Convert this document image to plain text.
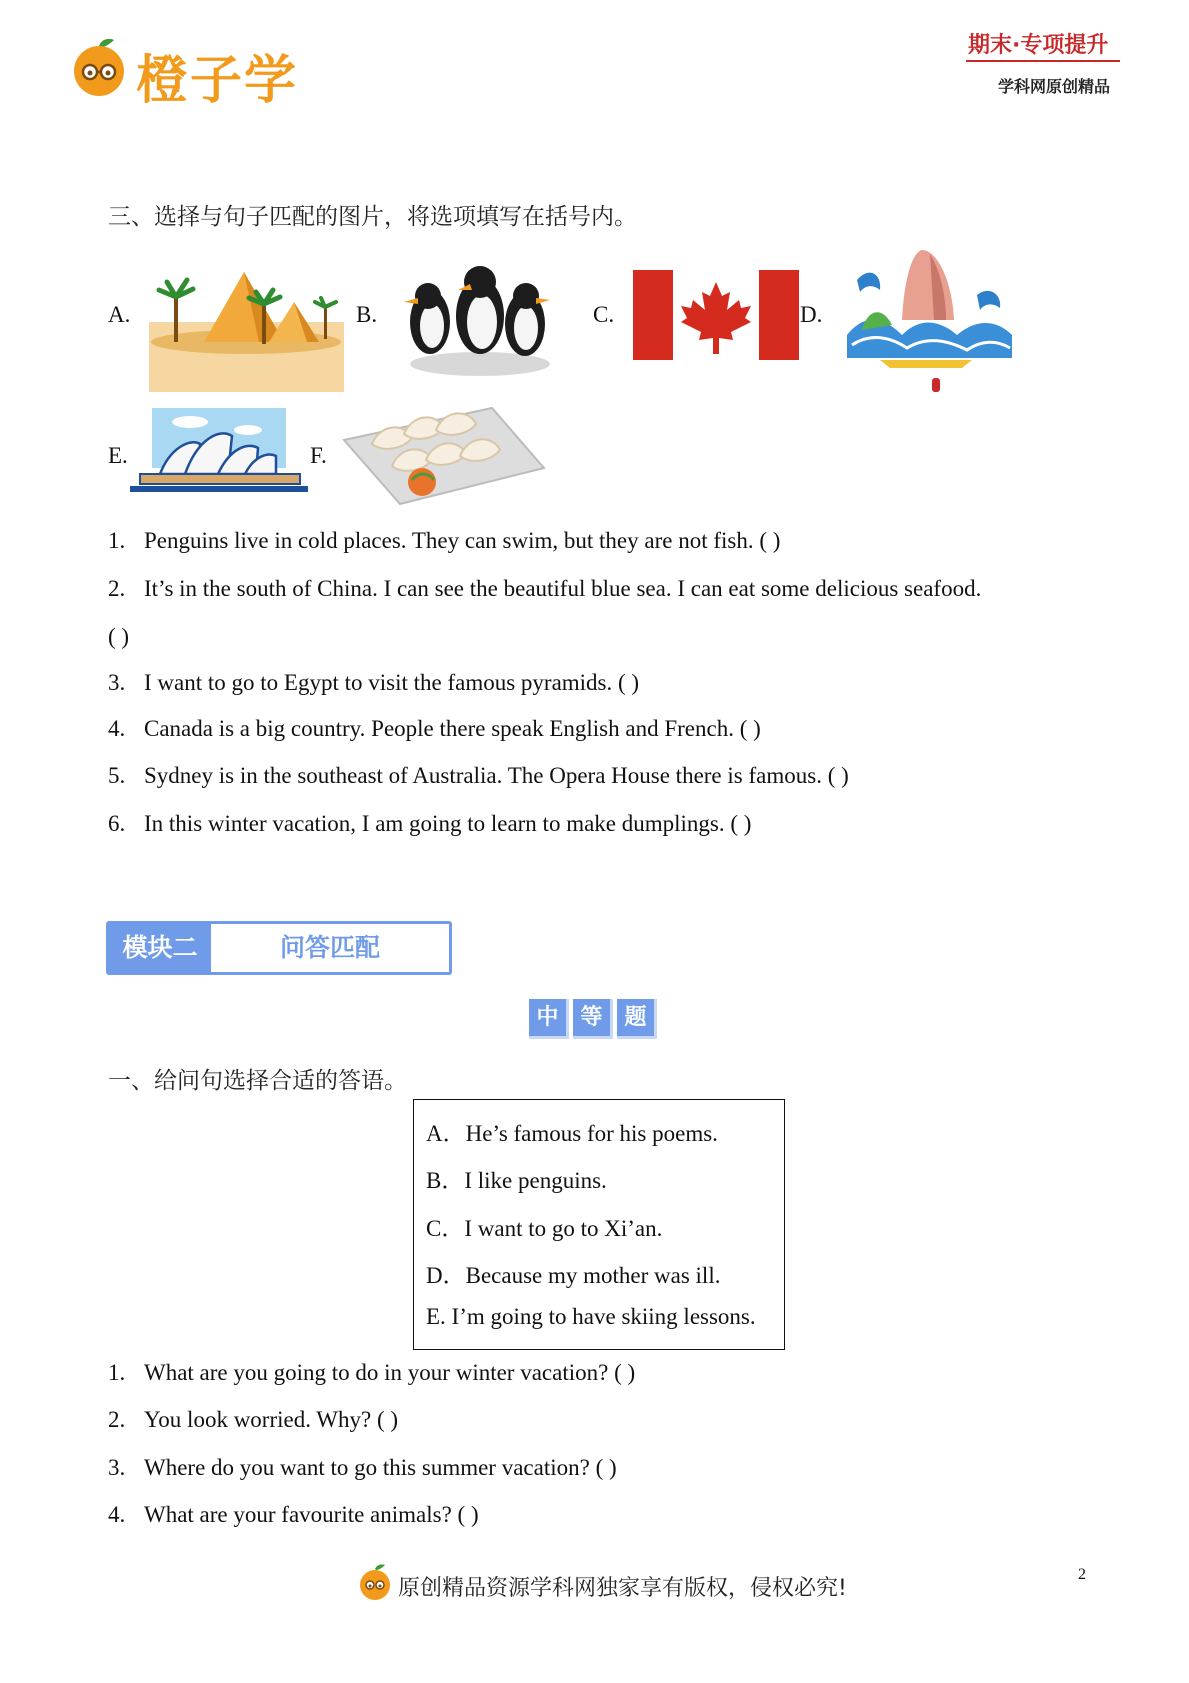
橙子学
期末·专项提升
学科网原创精品
三、选择与句子匹配的图片，将选项填写在括号内。
A.	B.	C.	D.
E.	F.
1. Penguins live in cold places. They can swim, but they are not fish. ( )
2. It’s in the south of China. I can see the beautiful blue sea. I can eat some delicious seafood.
( )
3. I want to go to Egypt to visit the famous pyramids. ( )
4. Canada is a big country. People there speak English and French. ( )
5. Sydney is in the southeast of Australia. The Opera House there is famous. ( )
6. In this winter vacation, I am going to learn to make dumplings. ( )
模块二	问答匹配
中 等 题
一、给问句选择合适的答语。
A．He’s famous for his poems.
B．I like penguins.
C．I want to go to Xi’an.
D．Because my mother was ill.
E. I’m going to have skiing lessons.
1. What are you going to do in your winter vacation? ( )
2. You look worried. Why? ( )
3. Where do you want to go this summer vacation? ( )
4. What are your favourite animals? ( )
原创精品资源学科网独家享有版权，侵权必究!
2
